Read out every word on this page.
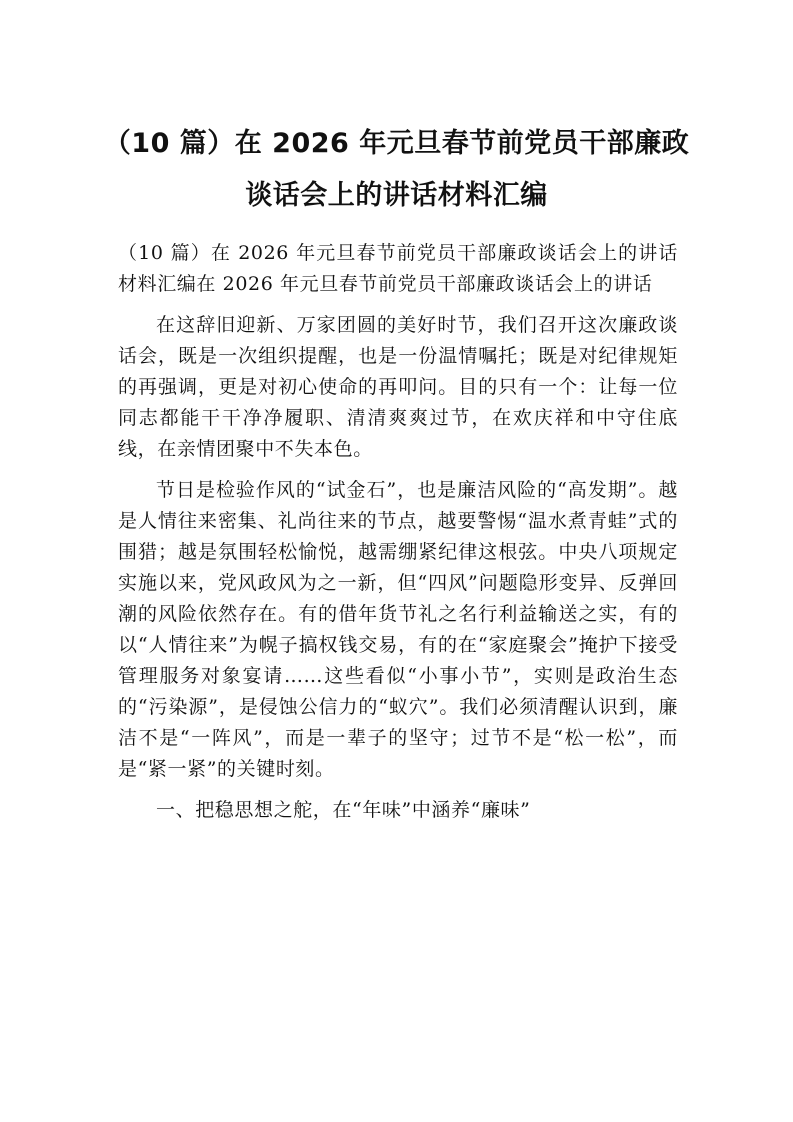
（10 篇）在 2026 年元旦春节前党员干部廉政谈话会上的讲话材料汇编

（10 篇）在 2026 年元旦春节前党员干部廉政谈话会上的讲话材料汇编在 2026 年元旦春节前党员干部廉政谈话会上的讲话

在这辞旧迎新、万家团圆的美好时节，我们召开这次廉政谈话会，既是一次组织提醒，也是一份温情嘱托；既是对纪律规矩的再强调，更是对初心使命的再叩问。目的只有一个：让每一位同志都能干干净净履职、清清爽爽过节，在欢庆祥和中守住底线，在亲情团聚中不失本色。

节日是检验作风的“试金石”，也是廉洁风险的“高发期”。越是人情往来密集、礼尚往来的节点，越要警惕“温水煮青蛙”式的围猎；越是氛围轻松愉悦，越需绷紧纪律这根弦。中央八项规定实施以来，党风政风为之一新，但“四风”问题隐形变异、反弹回潮的风险依然存在。有的借年货节礼之名行利益输送之实，有的以“人情往来”为幌子搞权钱交易，有的在“家庭聚会”掩护下接受管理服务对象宴请……这些看似“小事小节”，实则是政治生态的“污染源”，是侵蚀公信力的“蚁穴”。我们必须清醒认识到，廉洁不是“一阵风”，而是一辈子的坚守；过节不是“松一松”，而是“紧一紧”的关键时刻。

一、把稳思想之舵，在“年味”中涵养“廉味”
